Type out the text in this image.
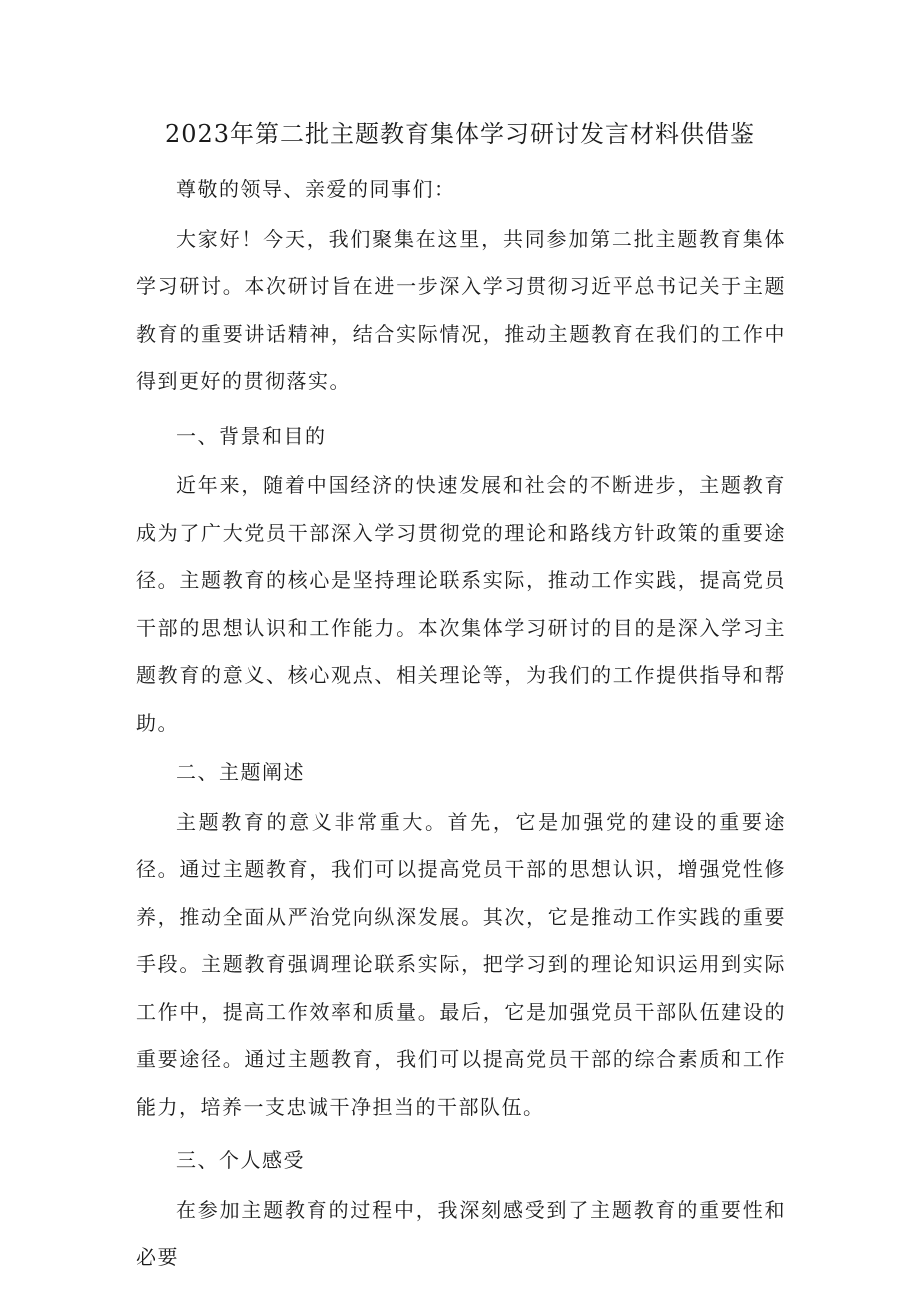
2023年第二批主题教育集体学习研讨发言材料供借鉴

尊敬的领导、亲爱的同事们：

大家好！今天，我们聚集在这里，共同参加第二批主题教育集体学习研讨。本次研讨旨在进一步深入学习贯彻习近平总书记关于主题教育的重要讲话精神，结合实际情况，推动主题教育在我们的工作中得到更好的贯彻落实。

一、背景和目的

近年来，随着中国经济的快速发展和社会的不断进步，主题教育成为了广大党员干部深入学习贯彻党的理论和路线方针政策的重要途径。主题教育的核心是坚持理论联系实际，推动工作实践，提高党员干部的思想认识和工作能力。本次集体学习研讨的目的是深入学习主题教育的意义、核心观点、相关理论等，为我们的工作提供指导和帮助。

二、主题阐述

主题教育的意义非常重大。首先，它是加强党的建设的重要途径。通过主题教育，我们可以提高党员干部的思想认识，增强党性修养，推动全面从严治党向纵深发展。其次，它是推动工作实践的重要手段。主题教育强调理论联系实际，把学习到的理论知识运用到实际工作中，提高工作效率和质量。最后，它是加强党员干部队伍建设的重要途径。通过主题教育，我们可以提高党员干部的综合素质和工作能力，培养一支忠诚干净担当的干部队伍。

三、个人感受

在参加主题教育的过程中，我深刻感受到了主题教育的重要性和必要
